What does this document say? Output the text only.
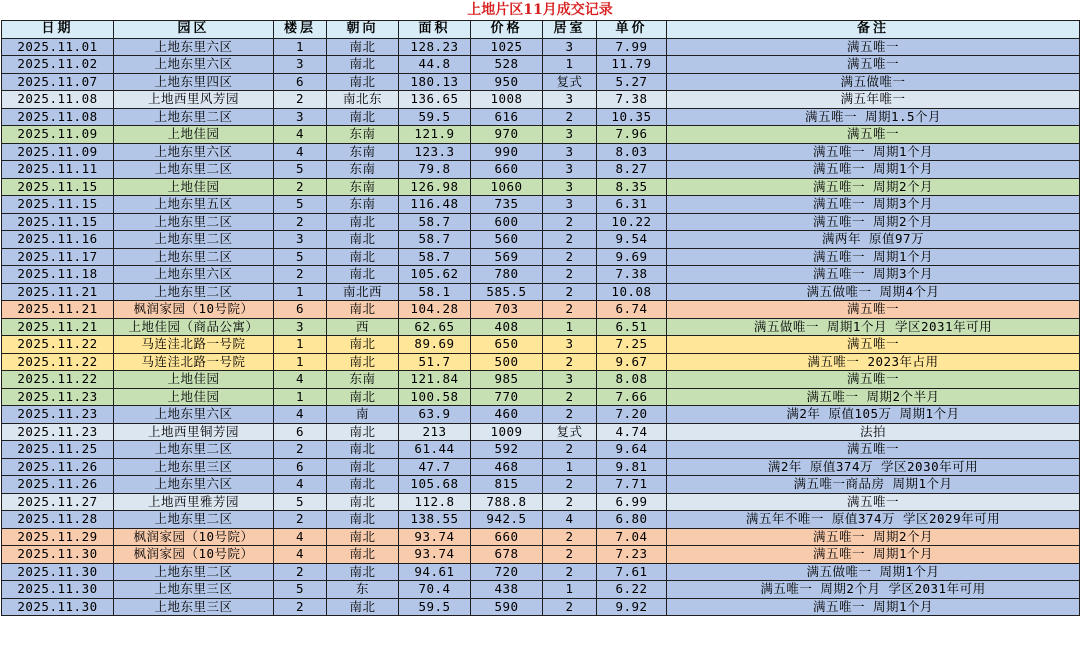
上地片区11月成交记录
日期	园区	楼层	朝向	面积	价格	居室	单价	备注
2025.11.01	上地东里六区	1	南北	128.23	1025	3	7.99	满五唯一
2025.11.02	上地东里六区	3	南北	44.8	528	1	11.79	满五唯一
2025.11.07	上地东里四区	6	南北	180.13	950	复式	5.27	满五做唯一
2025.11.08	上地西里风芳园	2	南北东	136.65	1008	3	7.38	满五年唯一
2025.11.08	上地东里二区	3	南北	59.5	616	2	10.35	满五唯一 周期1.5个月
2025.11.09	上地佳园	4	东南	121.9	970	3	7.96	满五唯一
2025.11.09	上地东里六区	4	东南	123.3	990	3	8.03	满五唯一 周期1个月
2025.11.11	上地东里二区	5	东南	79.8	660	3	8.27	满五唯一 周期1个月
2025.11.15	上地佳园	2	东南	126.98	1060	3	8.35	满五唯一 周期2个月
2025.11.15	上地东里五区	5	东南	116.48	735	3	6.31	满五唯一 周期3个月
2025.11.15	上地东里二区	2	南北	58.7	600	2	10.22	满五唯一 周期2个月
2025.11.16	上地东里二区	3	南北	58.7	560	2	9.54	满两年 原值97万
2025.11.17	上地东里二区	5	南北	58.7	569	2	9.69	满五唯一 周期1个月
2025.11.18	上地东里六区	2	南北	105.62	780	2	7.38	满五唯一 周期3个月
2025.11.21	上地东里二区	1	南北西	58.1	585.5	2	10.08	满五做唯一 周期4个月
2025.11.21	枫润家园（10号院）	6	南北	104.28	703	2	6.74	满五唯一
2025.11.21	上地佳园（商品公寓）	3	西	62.65	408	1	6.51	满五做唯一 周期1个月 学区2031年可用
2025.11.22	马连洼北路一号院	1	南北	89.69	650	3	7.25	满五唯一
2025.11.22	马连洼北路一号院	1	南北	51.7	500	2	9.67	满五唯一 2023年占用
2025.11.22	上地佳园	4	东南	121.84	985	3	8.08	满五唯一
2025.11.23	上地佳园	1	南北	100.58	770	2	7.66	满五唯一 周期2个半月
2025.11.23	上地东里六区	4	南	63.9	460	2	7.20	满2年 原值105万 周期1个月
2025.11.23	上地西里铜芳园	6	南北	213	1009	复式	4.74	法拍
2025.11.25	上地东里二区	2	南北	61.44	592	2	9.64	满五唯一
2025.11.26	上地东里三区	6	南北	47.7	468	1	9.81	满2年 原值374万 学区2030年可用
2025.11.26	上地东里六区	4	南北	105.68	815	2	7.71	满五唯一商品房 周期1个月
2025.11.27	上地西里雅芳园	5	南北	112.8	788.8	2	6.99	满五唯一
2025.11.28	上地东里二区	2	南北	138.55	942.5	4	6.80	满五年不唯一 原值374万 学区2029年可用
2025.11.29	枫润家园（10号院）	4	南北	93.74	660	2	7.04	满五唯一 周期2个月
2025.11.30	枫润家园（10号院）	4	南北	93.74	678	2	7.23	满五唯一 周期1个月
2025.11.30	上地东里二区	2	南北	94.61	720	2	7.61	满五做唯一 周期1个月
2025.11.30	上地东里三区	5	东	70.4	438	1	6.22	满五唯一 周期2个月 学区2031年可用
2025.11.30	上地东里三区	2	南北	59.5	590	2	9.92	满五唯一 周期1个月
